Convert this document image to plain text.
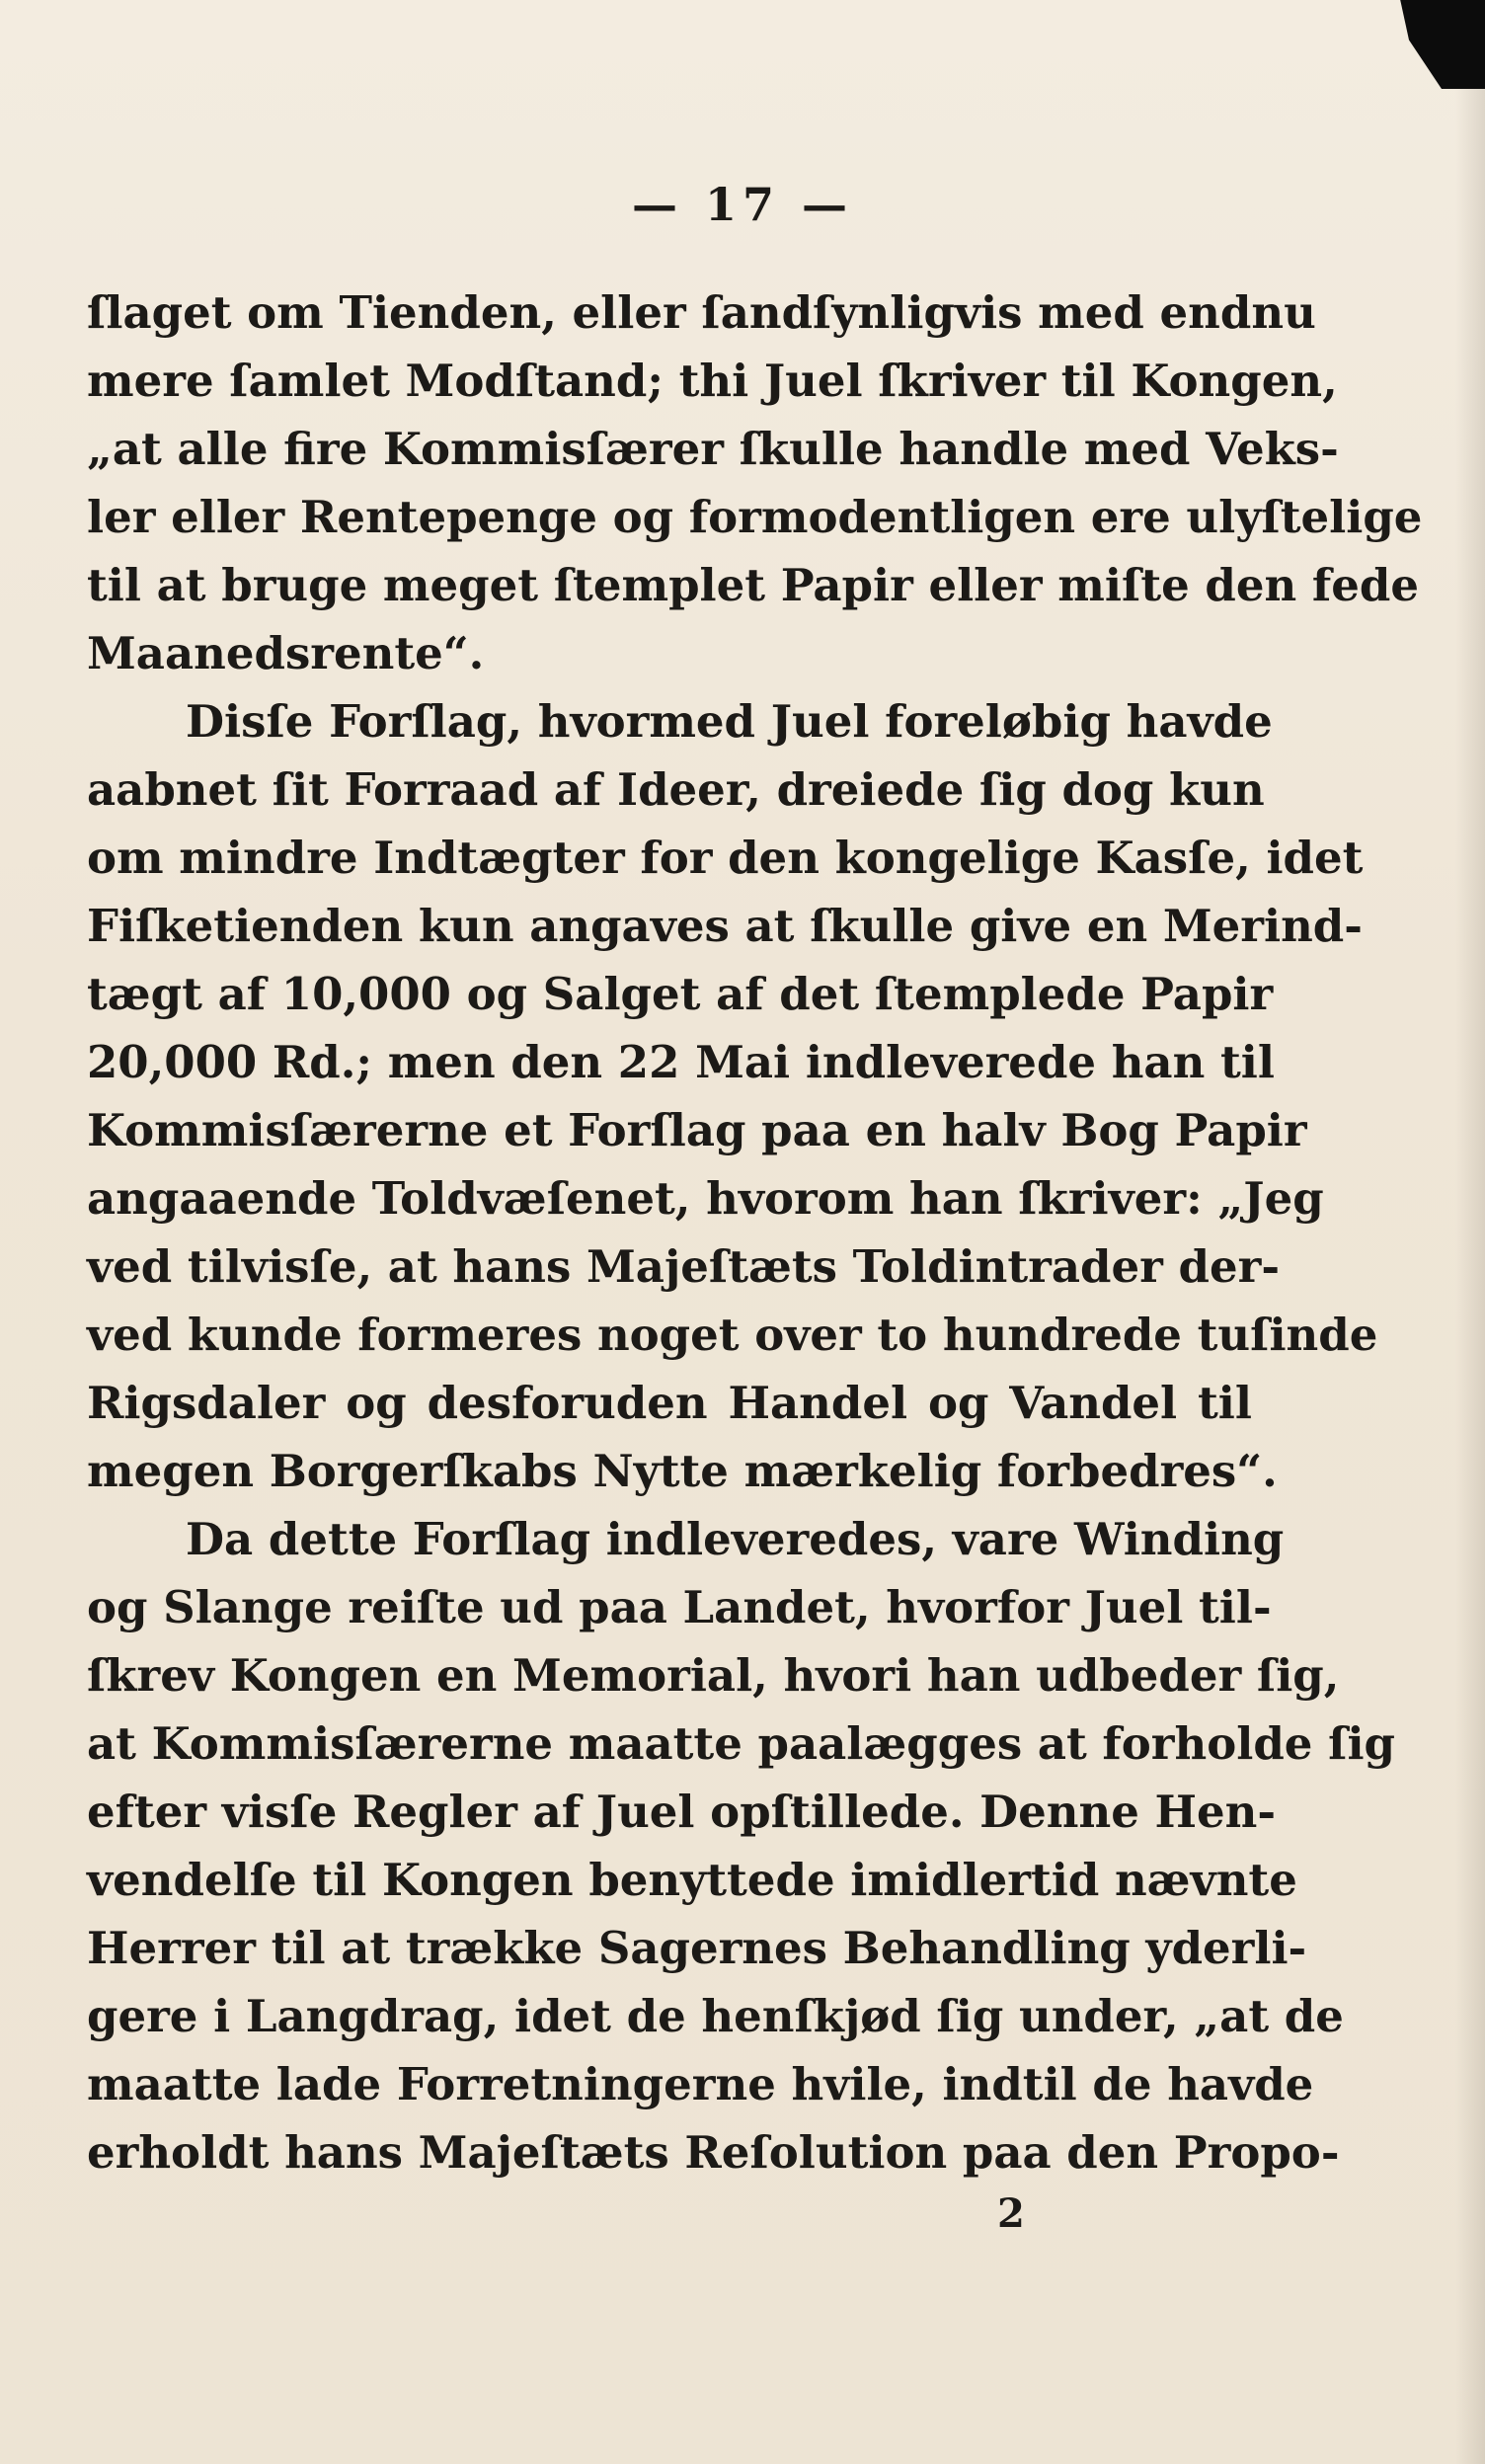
— 17 —
ſlaget om Tienden, eller ſandſynligvis med endnu
mere ſamlet Modſtand; thi Juel ſkriver til Kongen,
„at alle fire Kommisſærer ſkulle handle med Veks-
ler eller Rentepenge og formodentligen ere ulyſtelige
til at bruge meget ſtemplet Papir eller miſte den fede
Maanedsrente“.
Disſe Forſlag, hvormed Juel foreløbig havde
aabnet ſit Forraad af Ideer, dreiede ſig dog kun
om mindre Indtægter for den kongelige Kasſe, idet
Fiſketienden kun angaves at ſkulle give en Merind-
tægt af 10,000 og Salget af det ſtemplede Papir
20,000 Rd.; men den 22 Mai indleverede han til
Kommisſærerne et Forſlag paa en halv Bog Papir
angaaende Toldvæſenet, hvorom han ſkriver: „Jeg
ved tilvisſe, at hans Majeſtæts Toldintrader der-
ved kunde formeres noget over to hundrede tuſinde
Rigsdaler og desforuden Handel og Vandel til
megen Borgerſkabs Nytte mærkelig forbedres“.
Da dette Forſlag indleveredes, vare Winding
og Slange reiſte ud paa Landet, hvorfor Juel til-
ſkrev Kongen en Memorial, hvori han udbeder ſig,
at Kommisſærerne maatte paalægges at forholde ſig
efter visſe Regler af Juel opſtillede. Denne Hen-
vendelſe til Kongen benyttede imidlertid nævnte
Herrer til at trække Sagernes Behandling yderli-
gere i Langdrag, idet de henſkjød ſig under, „at de
maatte lade Forretningerne hvile, indtil de havde
erholdt hans Majeſtæts Reſolution paa den Propo-
2
